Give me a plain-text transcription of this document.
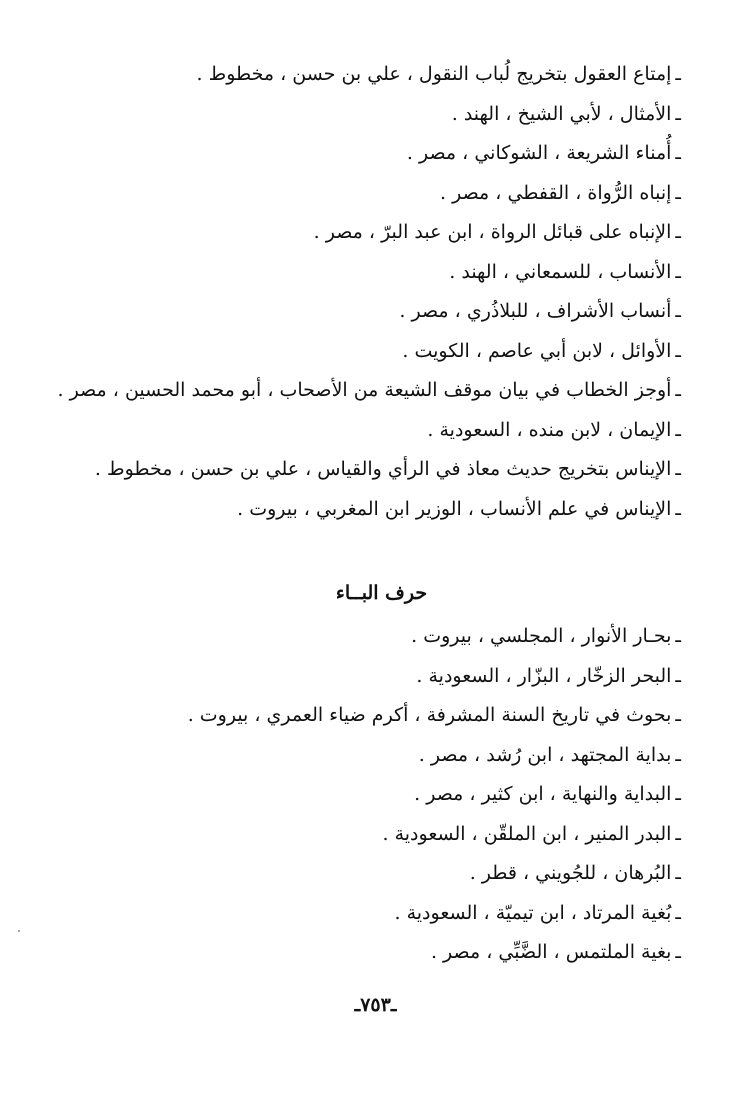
ـإمتاع العقول بتخريج لُباب النقول ، علي بن حسن ، مخطوط .
ـالأمثال ، لأبي الشيخ ، الهند .
ـأُمناء الشريعة ، الشوكاني ، مصر .
ـإنباه الرُّواة ، القفطي ، مصر .
ـالإنباه على قبائل الرواة ، ابن عبد البرّ ، مصر .
ـالأنساب ، للسمعاني ، الهند .
ـأنساب الأشراف ، للبلاذُري ، مصر .
ـالأوائل ، لابن أبي عاصم ، الكويت .
ـأوجز الخطاب في بيان موقف الشيعة من الأصحاب ، أبو محمد الحسين ، مصر .
ـالإيمان ، لابن منده ، السعودية .
ـالإيناس بتخريج حديث معاذ في الرأي والقياس ، علي بن حسن ، مخطوط .
ـالإيناس في علم الأنساب ، الوزير ابن المغربي ، بيروت .
حرف البــاء
ـبحـار الأنوار ، المجلسي ، بيروت .
ـالبحر الزخّار ، البزّار ، السعودية .
ـبحوث في تاريخ السنة المشرفة ، أكرم ضياء العمري ، بيروت .
ـبداية المجتهد ، ابن رُشد ، مصر .
ـالبداية والنهاية ، ابن كثير ، مصر .
ـالبدر المنير ، ابن الملقّن ، السعودية .
ـالبُرهان ، للجُويني ، قطر .
ـبُغية المرتاد ، ابن تيميّة ، السعودية .
ـبغية الملتمس ، الضَّبِّي ، مصر .
ـ٧٥٣ـ
